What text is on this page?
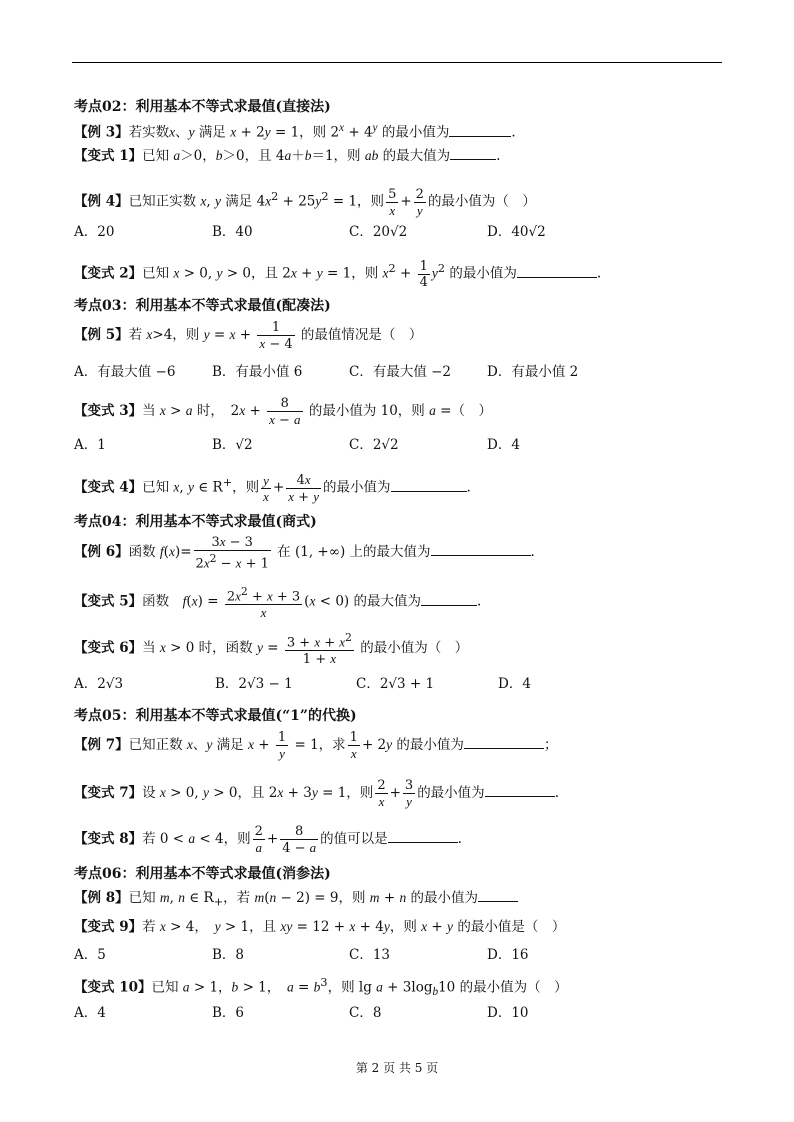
考点02：利用基本不等式求最值(直接法)
【例 3】若实数x、y 满足 x + 2y = 1，则 $2^x + 4^y$ 的最小值为	.
【变式 1】已知 a＞0，b＞0，且 4a＋b＝1，则 ab 的最大值为	.
【例 4】已知正实数 x, y 满足 $4x^2 + 25y^2 = 1$，则 $\frac{5}{x} + \frac{2}{y}$ 的最小值为（　）
A．20	B．40	C．20√2	D．40√2
【变式 2】已知 x > 0, y > 0，且 2x + y = 1，则 $x^2 + \frac{1}{4} y^2$ 的最小值为	.
考点03：利用基本不等式求最值(配凑法)
【例 5】若 x>4，则 $y = x + \frac{1}{x - 4}$ 的最值情况是（　）
A．有最大值 −6	B．有最小值 6	C．有最大值 −2	D．有最小值 2
【变式 3】当 x > a 时，　$2x + \frac{8}{x - a}$ 的最小值为 10，则 a =（　）
A．1	B．√2	C．2√2	D．4
【变式 4】已知 x, y ∈ R+，则 $\frac{y}{x} + \frac{4x}{x + y}$ 的最小值为	.
考点04：利用基本不等式求最值(商式)
【例 6】函数 $f(x)= \frac{3x - 3}{2x^2 - x + 1}$ 在 (1, +∞) 上的最大值为	.
【变式 5】函数　$f(x) = \frac{2x^2 + x + 3}{x} (x < 0)$ 的最大值为	.
【变式 6】当 x > 0 时，函数 $y = \frac{3 + x + x^2}{1 + x}$ 的最小值为（　）
A．2√3	B．2√3 − 1	C．2√3 + 1	D．4
考点05：利用基本不等式求最值(“1”的代换)
【例 7】已知正数 x、y 满足 $x + \frac{1}{y} = 1$，求 $\frac{1}{x} + 2y$ 的最小值为	；
【变式 7】设 x > 0, y > 0，且 2x + 3y = 1，则 $\frac{2}{x} + \frac{3}{y}$ 的最小值为	.
【变式 8】若 0 < a < 4，则 $\frac{2}{a} + \frac{8}{4 - a}$ 的值可以是	.
考点06：利用基本不等式求最值(消参法)
【例 8】已知 m, n ∈ $R_+$，若 m(n − 2) = 9，则 m + n 的最小值为
【变式 9】若 x > 4，　y > 1，且 xy = 12 + x + 4y，则 x + y 的最小值是（　）
A．5	B．8	C．13	D．16
【变式 10】已知 a > 1，b > 1，　$a = b^3$，则 $\lg a + 3\log_b10$ 的最小值为（　）
A．4	B．6	C．8	D．10
第 2 页 共 5 页
